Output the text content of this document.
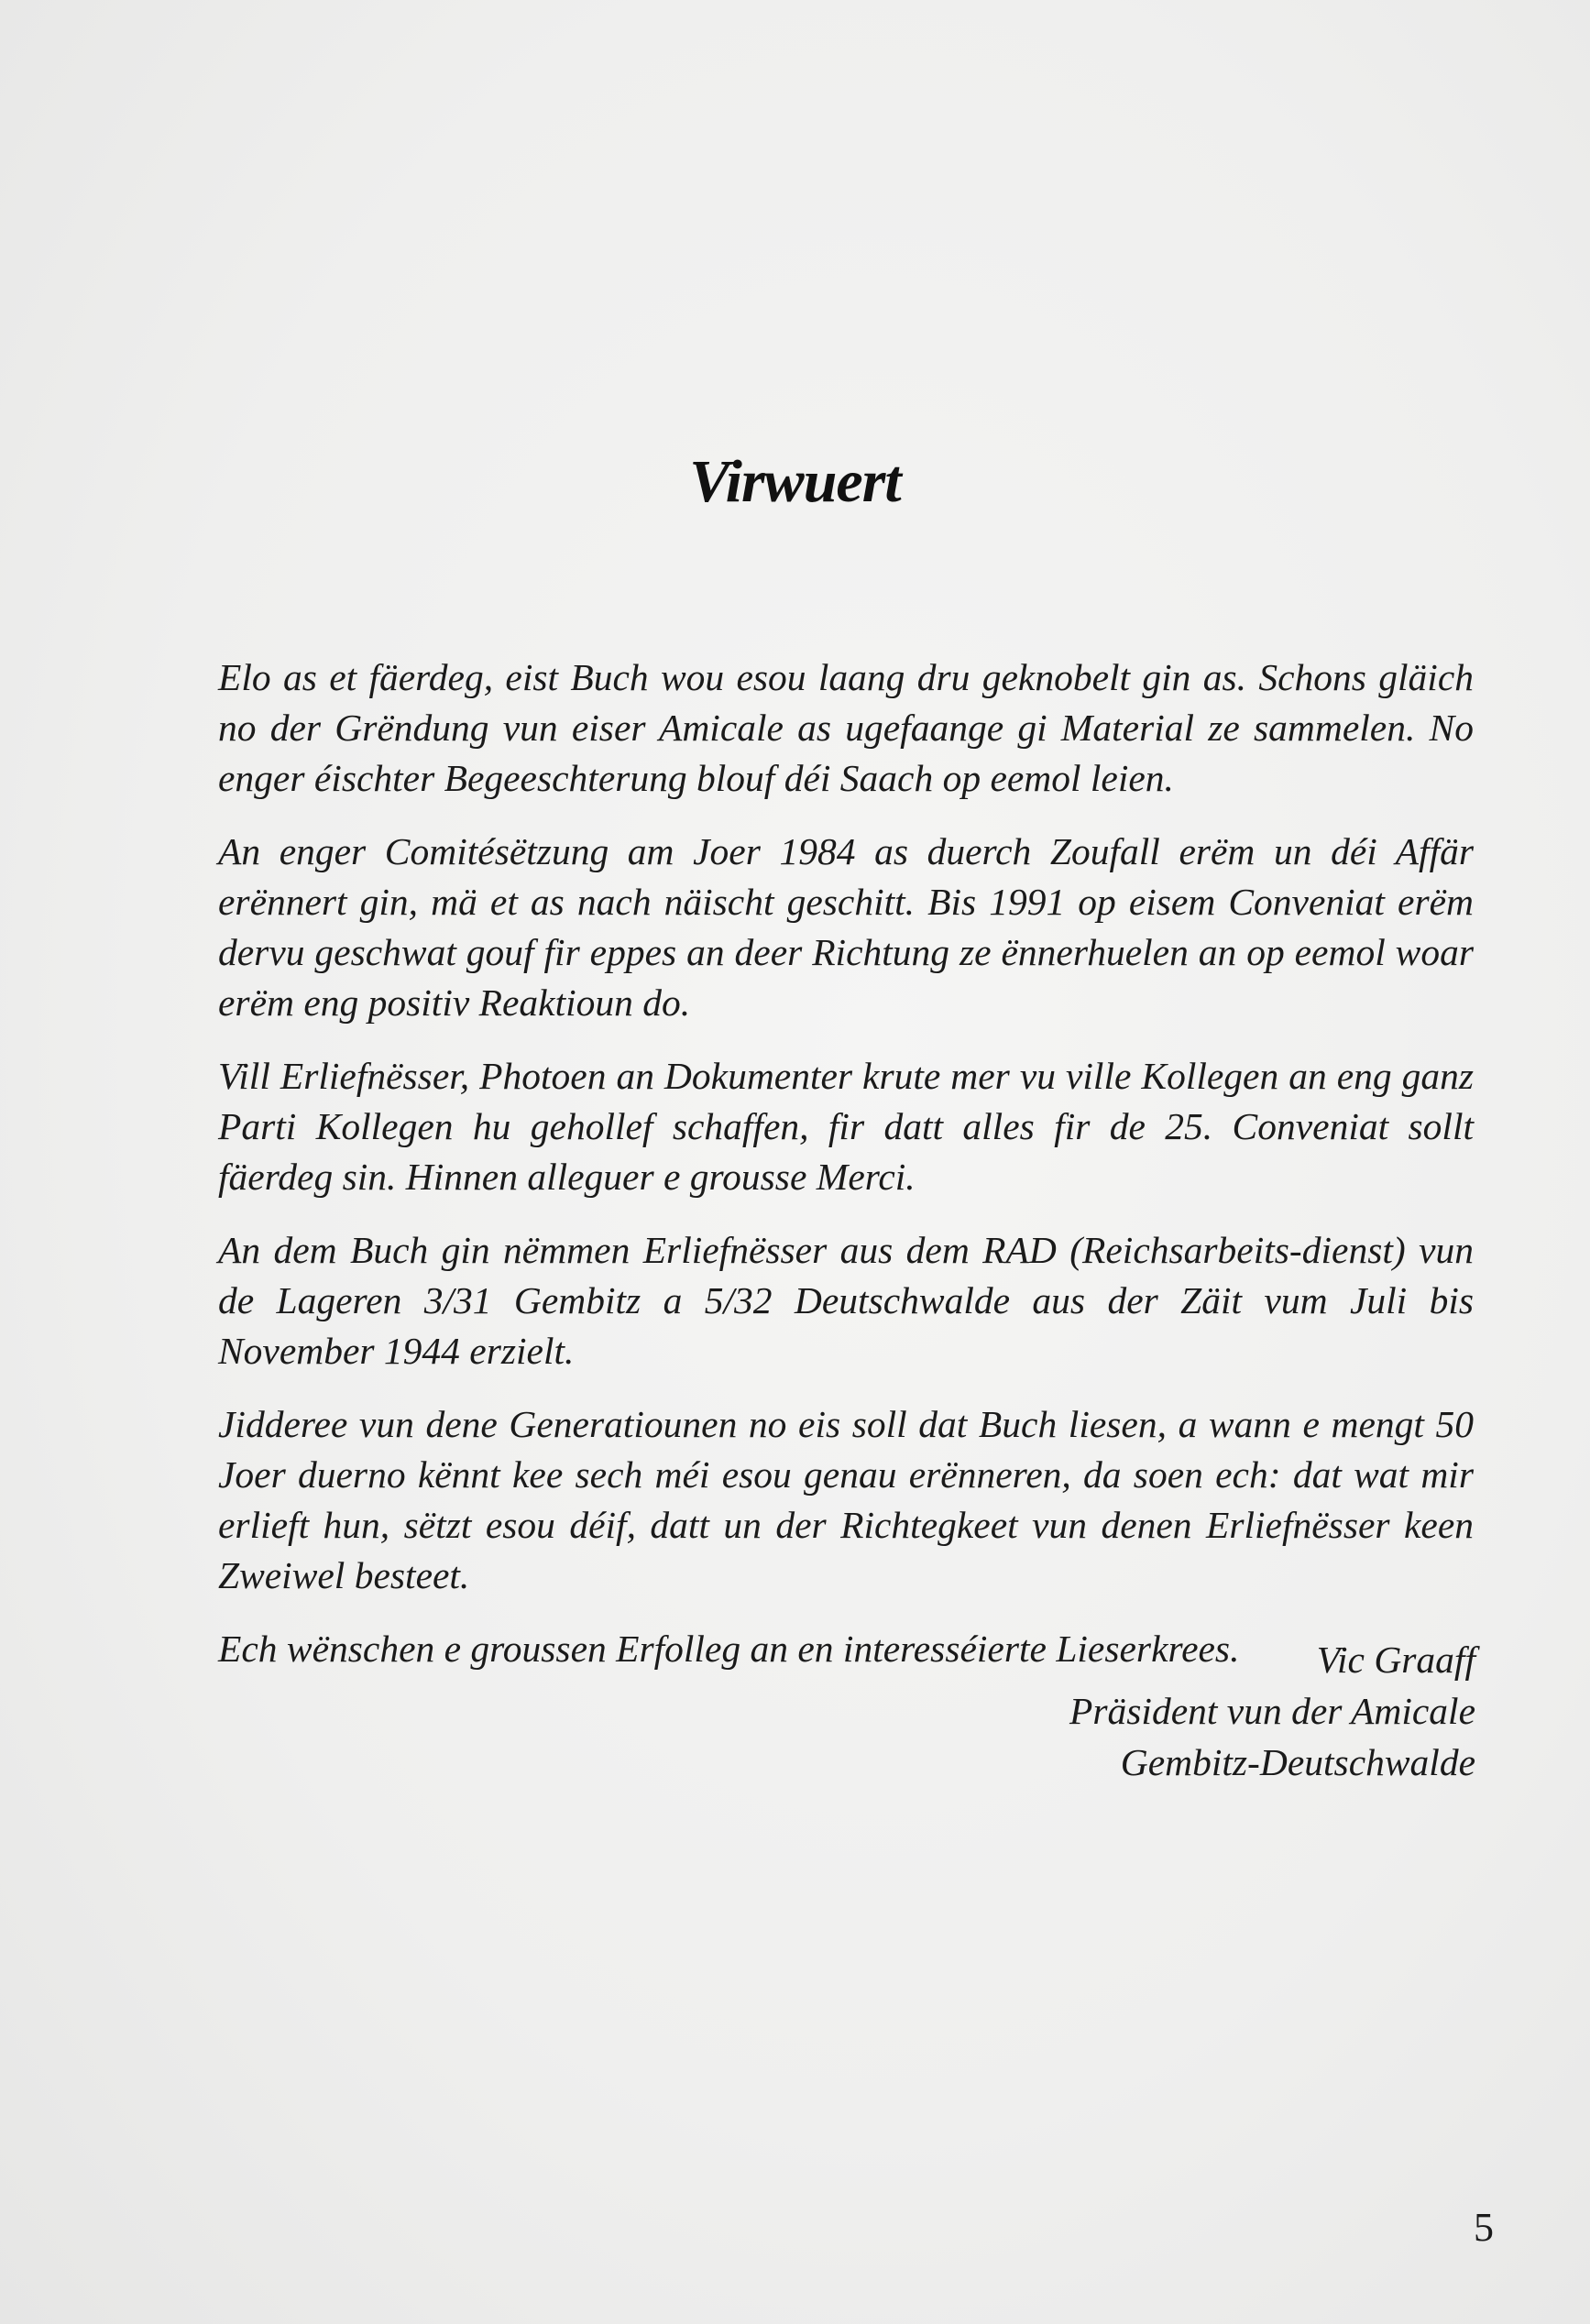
Virwuert

Elo as et fäerdeg, eist Buch wou esou laang dru geknobelt gin as. Schons gläich no der Grëndung vun eiser Amicale as ugefaange gi Material ze sammelen. No enger éischter Begeeschterung blouf déi Saach op eemol leien.

An enger Comitésëtzung am Joer 1984 as duerch Zoufall erëm un déi Affär erënnert gin, mä et as nach näischt geschitt. Bis 1991 op eisem Conveniat erëm dervu geschwat gouf fir eppes an deer Richtung ze ënnerhuelen an op eemol woar erëm eng positiv Reaktioun do.

Vill Erliefnësser, Photoen an Dokumenter krute mer vu ville Kollegen an eng ganz Parti Kollegen hu gehollef schaffen, fir datt alles fir de 25. Conveniat sollt fäerdeg sin. Hinnen alleguer e grousse Merci.

An dem Buch gin nëmmen Erliefnësser aus dem RAD (Reichsarbeits-dienst) vun de Lageren 3/31 Gembitz a 5/32 Deutschwalde aus der Zäit vum Juli bis November 1944 erzielt.

Jidderee vun dene Generatiounen no eis soll dat Buch liesen, a wann e mengt 50 Joer duerno kënnt kee sech méi esou genau erënneren, da soen ech: dat wat mir erlieft hun, sëtzt esou déif, datt un der Richtegkeet vun denen Erliefnësser keen Zweiwel besteet.

Ech wënschen e groussen Erfolleg an en interesséierte Lieserkrees.	Vic Graaff
Präsident vun der Amicale
Gembitz-Deutschwalde
5
